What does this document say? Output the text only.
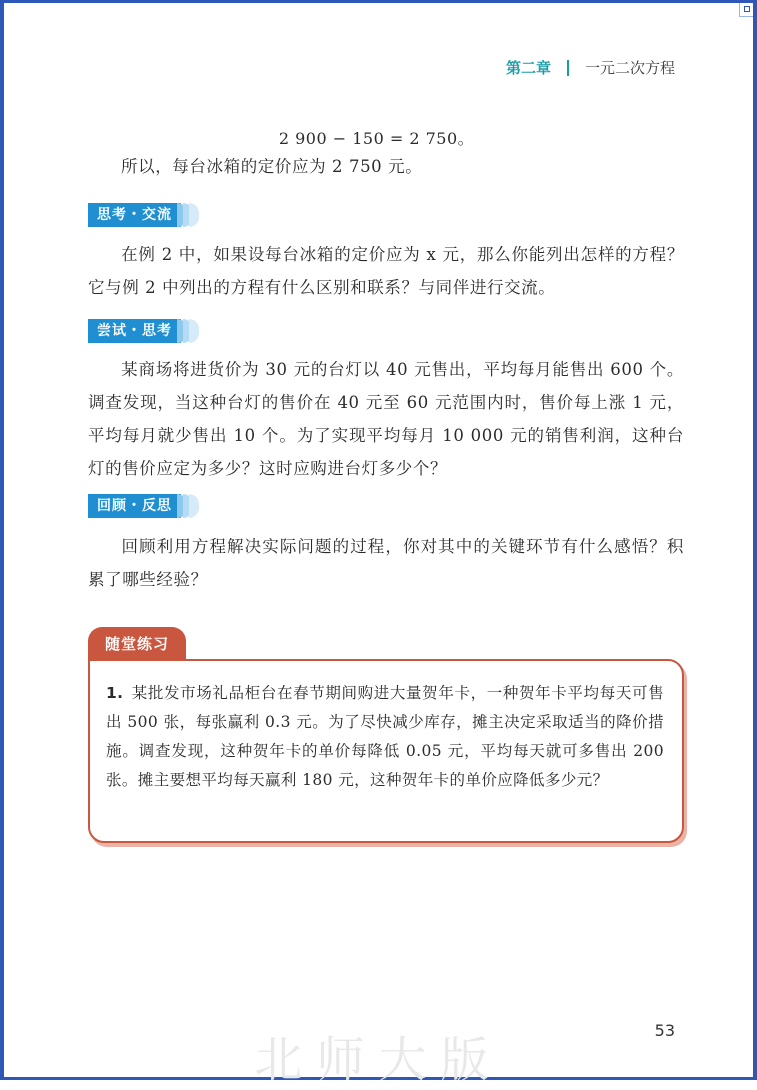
第二章 一元二次方程
2 900 − 150 = 2 750。
所以，每台冰箱的定价应为 2 750 元。
思考・交流
在例 2 中，如果设每台冰箱的定价应为 x 元，那么你能列出怎样的方程？它与例 2 中列出的方程有什么区别和联系？与同伴进行交流。
尝试・思考
某商场将进货价为 30 元的台灯以 40 元售出，平均每月能售出 600 个。调查发现，当这种台灯的售价在 40 元至 60 元范围内时，售价每上涨 1 元，平均每月就少售出 10 个。为了实现平均每月 10 000 元的销售利润，这种台灯的售价应定为多少？这时应购进台灯多少个？
回顾・反思
回顾利用方程解决实际问题的过程，你对其中的关键环节有什么感悟？积累了哪些经验？
随堂练习
1. 某批发市场礼品柜台在春节期间购进大量贺年卡，一种贺年卡平均每天可售出 500 张，每张赢利 0.3 元。为了尽快减少库存，摊主决定采取适当的降价措施。调查发现，这种贺年卡的单价每降低 0.05 元，平均每天就可多售出 200 张。摊主要想平均每天赢利 180 元，这种贺年卡的单价应降低多少元？
北师大版
53
